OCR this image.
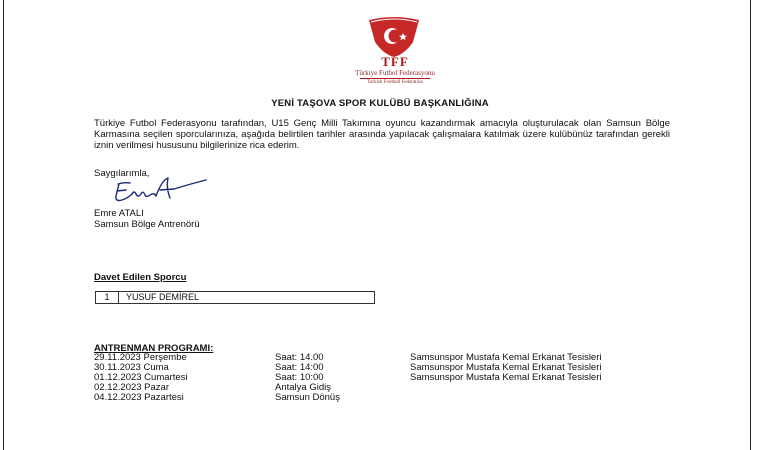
TFF
Türkiye Futbol Federasyonu
Turkish Football Federation
YENİ TAŞOVA SPOR KULÜBÜ BAŞKANLIĞINA
Türkiye Futbol Federasyonu tarafından, U15 Genç Milli Takımına oyuncu kazandırmak amacıyla oluşturulacak olan Samsun Bölge Karmasına seçilen sporcularınıza, aşağıda belirtilen tarihler arasında yapılacak çalışmalara katılmak üzere kulübünüz tarafından gerekli iznin verilmesi hususunu bilgilerinize rica ederim.
Saygılarımla,
Emre ATALI
Samsun Bölge Antrenörü
Davet Edilen Sporcu
1	YUSUF DEMİREL
ANTRENMAN PROGRAMI:
29.11.2023 Perşembe	Saat: 14.00	Samsunspor Mustafa Kemal Erkanat Tesisleri
30.11.2023 Cuma	Saat: 14:00	Samsunspor Mustafa Kemal Erkanat Tesisleri
01.12.2023 Cumartesi	Saat: 10:00	Samsunspor Mustafa Kemal Erkanat Tesisleri
02.12.2023 Pazar	Antalya Gidiş
04.12.2023 Pazartesi	Samsun Dönüş
